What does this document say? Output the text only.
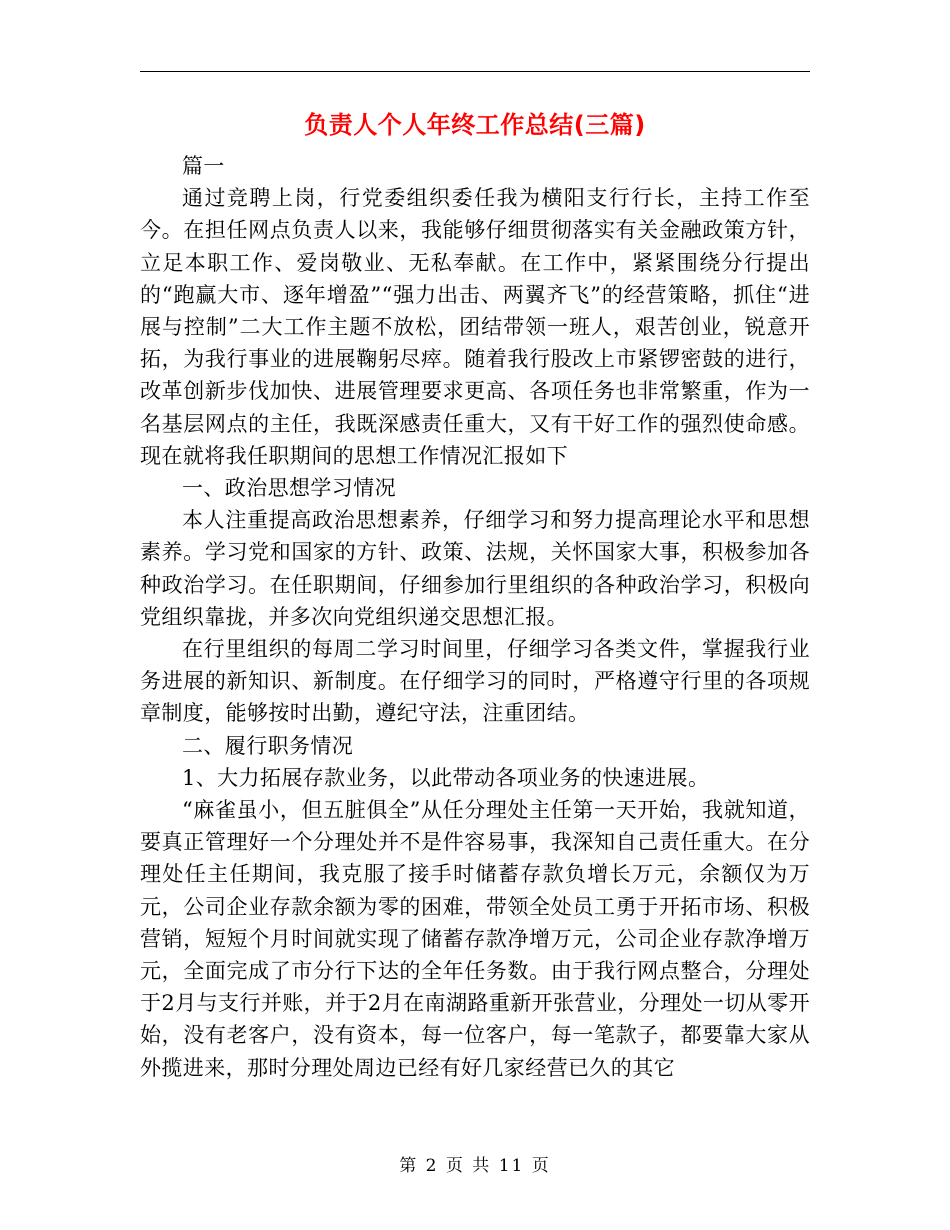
负责人个人年终工作总结(三篇)

篇一

通过竞聘上岗，行党委组织委任我为横阳支行行长，主持工作至今。在担任网点负责人以来，我能够仔细贯彻落实有关金融政策方针，立足本职工作、爱岗敬业、无私奉献。在工作中，紧紧围绕分行提出的“跑赢大市、逐年增盈”“强力出击、两翼齐飞”的经营策略，抓住“进展与控制”二大工作主题不放松，团结带领一班人，艰苦创业，锐意开拓，为我行事业的进展鞠躬尽瘁。随着我行股改上市紧锣密鼓的进行，改革创新步伐加快、进展管理要求更高、各项任务也非常繁重，作为一名基层网点的主任，我既深感责任重大，又有干好工作的强烈使命感。现在就将我任职期间的思想工作情况汇报如下

一、政治思想学习情况

本人注重提高政治思想素养，仔细学习和努力提高理论水平和思想素养。学习党和国家的方针、政策、法规，关怀国家大事，积极参加各种政治学习。在任职期间，仔细参加行里组织的各种政治学习，积极向党组织靠拢，并多次向党组织递交思想汇报。

在行里组织的每周二学习时间里，仔细学习各类文件，掌握我行业务进展的新知识、新制度。在仔细学习的同时，严格遵守行里的各项规章制度，能够按时出勤，遵纪守法，注重团结。

二、履行职务情况

1、大力拓展存款业务，以此带动各项业务的快速进展。

“麻雀虽小，但五脏俱全”从任分理处主任第一天开始，我就知道，要真正管理好一个分理处并不是件容易事，我深知自己责任重大。在分理处任主任期间，我克服了接手时储蓄存款负增长万元，余额仅为万元，公司企业存款余额为零的困难，带领全处员工勇于开拓市场、积极营销，短短个月时间就实现了储蓄存款净增万元，公司企业存款净增万元，全面完成了市分行下达的全年任务数。由于我行网点整合，分理处于2月与支行并账，并于2月在南湖路重新开张营业，分理处一切从零开始，没有老客户，没有资本，每一位客户，每一笔款子，都要靠大家从外揽进来，那时分理处周边已经有好几家经营已久的其它

第 2 页 共 11 页
